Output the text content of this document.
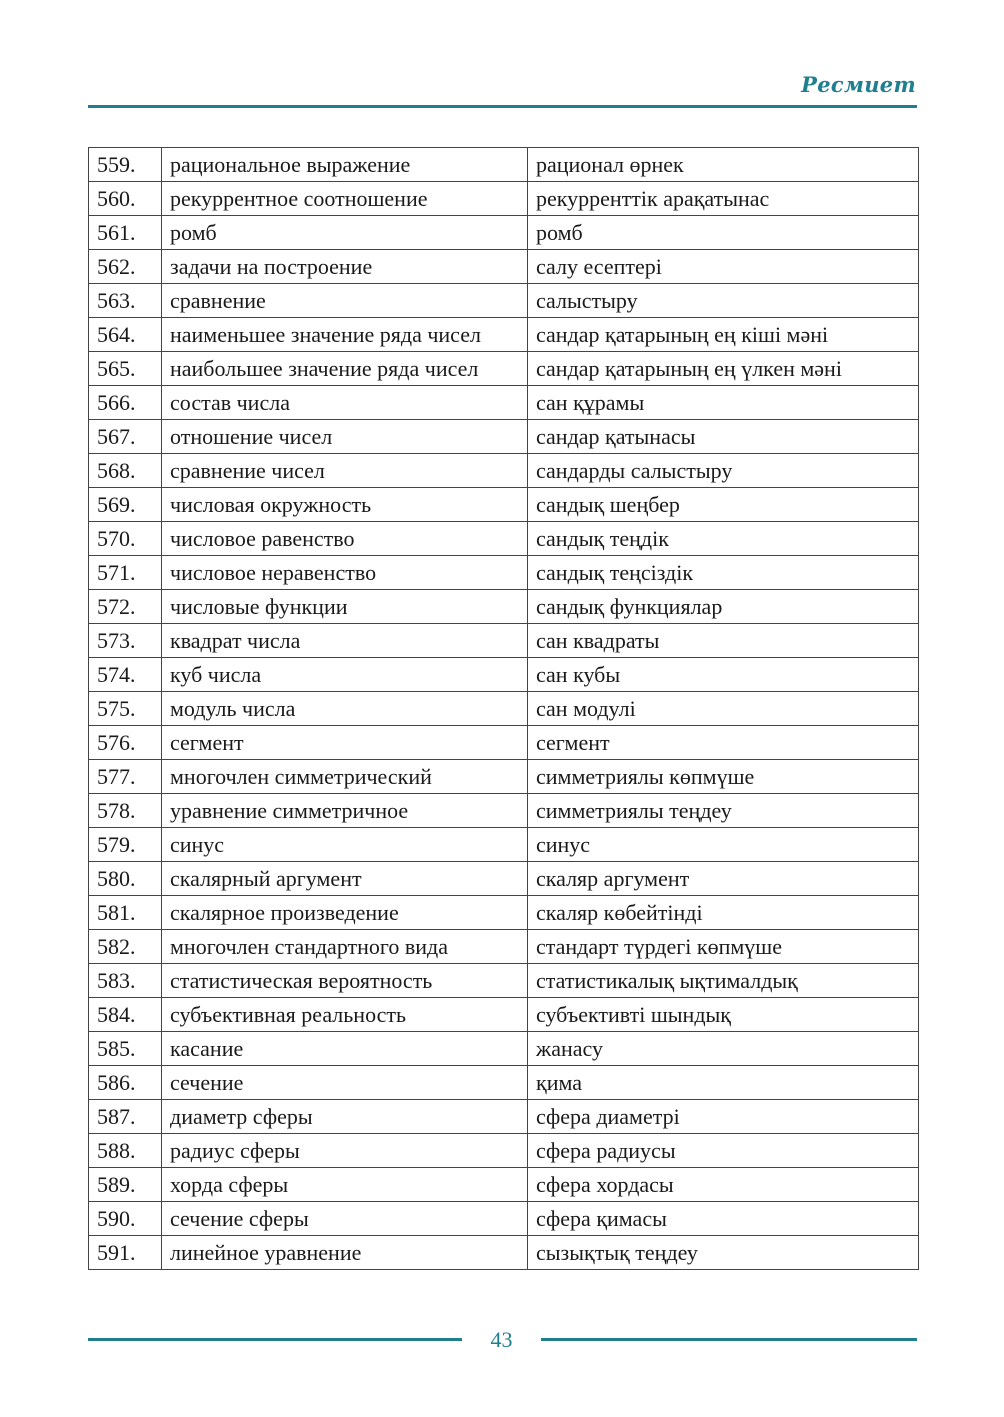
Ресмиет
559.	рациональное выражение	рационал өрнек
560.	рекуррентное соотношение	рекурренттік арақатынас
561.	ромб	ромб
562.	задачи на построение	салу есептері
563.	сравнение	салыстыру
564.	наименьшее значение ряда чисел	сандар қатарының ең кіші мәні
565.	наибольшее значение ряда чисел	сандар қатарының ең үлкен мәні
566.	состав числа	сан құрамы
567.	отношение чисел	сандар қатынасы
568.	сравнение чисел	сандарды салыстыру
569.	числовая окружность	сандық шеңбер
570.	числовое равенство	сандық теңдік
571.	числовое неравенство	сандық теңсіздік
572.	числовые функции	сандық функциялар
573.	квадрат числа	сан квадраты
574.	куб числа	сан кубы
575.	модуль числа	сан модулі
576.	сегмент	сегмент
577.	многочлен симметрический	симметриялы көпмүше
578.	уравнение симметричное	симметриялы теңдеу
579.	синус	синус
580.	скалярный аргумент	скаляр аргумент
581.	скалярное произведение	скаляр көбейтінді
582.	многочлен стандартного вида	стандарт түрдегі көпмүше
583.	статистическая вероятность	статистикалық ықтималдық
584.	субъективная реальность	субъективті шындық
585.	касание	жанасу
586.	сечение	қима
587.	диаметр сферы	сфера диаметрі
588.	радиус сферы	сфера радиусы
589.	хорда сферы	сфера хордасы
590.	сечение сферы	сфера қимасы
591.	линейное уравнение	сызықтық теңдеу
43
